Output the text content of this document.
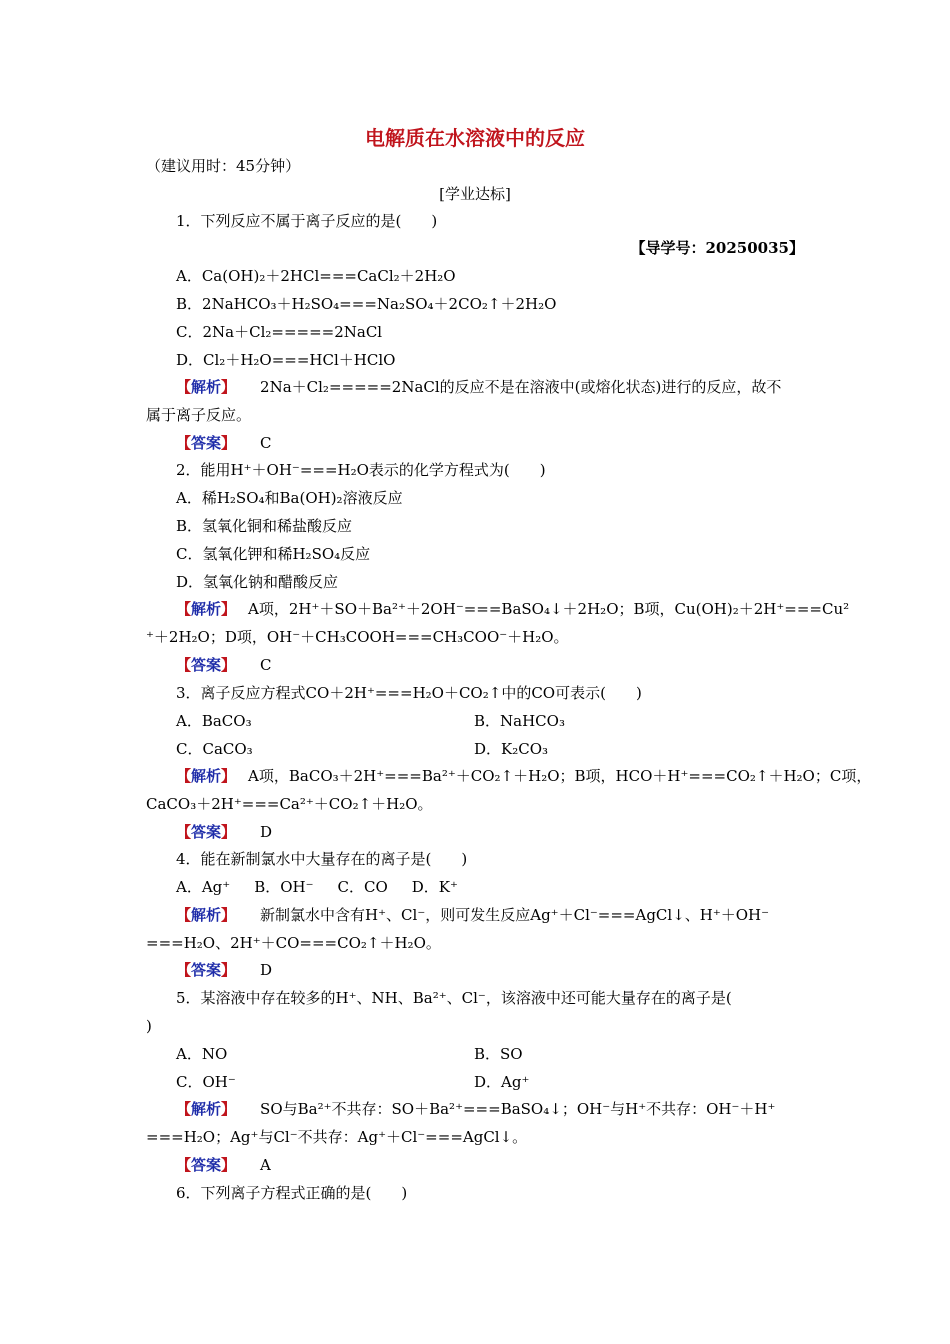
电解质在水溶液中的反应
（建议用时：45分钟）
[学业达标]
1．下列反应不属于离子反应的是(　　)
【导学号：20250035】
A．Ca(OH)₂＋2HCl===CaCl₂＋2H₂O
B．2NaHCO₃＋H₂SO₄===Na₂SO₄＋2CO₂↑＋2H₂O
C．2Na＋Cl₂=====2NaCl
D．Cl₂＋H₂O===HCl＋HClO
【解析】 2Na＋Cl₂=====2NaCl的反应不是在溶液中(或熔化状态)进行的反应，故不
属于离子反应。
【答案】 C
2．能用H⁺＋OH⁻===H₂O表示的化学方程式为(　　)
A．稀H₂SO₄和Ba(OH)₂溶液反应
B．氢氧化铜和稀盐酸反应
C．氢氧化钾和稀H₂SO₄反应
D．氢氧化钠和醋酸反应
【解析】 A项，2H⁺＋SO＋Ba²⁺＋2OH⁻===BaSO₄↓＋2H₂O；B项，Cu(OH)₂＋2H⁺===Cu²
⁺＋2H₂O；D项，OH⁻＋CH₃COOH===CH₃COO⁻＋H₂O。
【答案】 C
3．离子反应方程式CO＋2H⁺===H₂O＋CO₂↑中的CO可表示(　　)
A．BaCO₃	B．NaHCO₃
C．CaCO₃	D．K₂CO₃
【解析】 A项，BaCO₃＋2H⁺===Ba²⁺＋CO₂↑＋H₂O；B项，HCO＋H⁺===CO₂↑＋H₂O；C项，
CaCO₃＋2H⁺===Ca²⁺＋CO₂↑＋H₂O。
【答案】 D
4．能在新制氯水中大量存在的离子是(　　)
A．Ag⁺ B．OH⁻ C．CO D．K⁺
【解析】 新制氯水中含有H⁺、Cl⁻，则可发生反应Ag⁺＋Cl⁻===AgCl↓、H⁺＋OH⁻
===H₂O、2H⁺＋CO===CO₂↑＋H₂O。
【答案】 D
5．某溶液中存在较多的H⁺、NH、Ba²⁺、Cl⁻，该溶液中还可能大量存在的离子是(
)
A．NO	B．SO
C．OH⁻	D．Ag⁺
【解析】 SO与Ba²⁺不共存：SO＋Ba²⁺===BaSO₄↓；OH⁻与H⁺不共存：OH⁻＋H⁺
===H₂O；Ag⁺与Cl⁻不共存：Ag⁺＋Cl⁻===AgCl↓。
【答案】 A
6．下列离子方程式正确的是(　　)
